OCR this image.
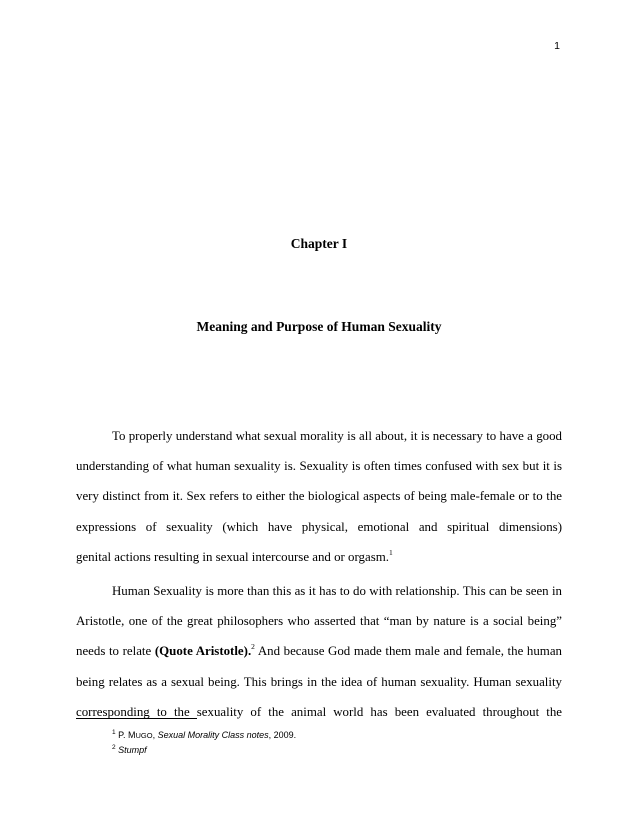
1
Chapter I
Meaning and Purpose of Human Sexuality
To properly understand what sexual morality is all about, it is necessary to have a good
understanding of what human sexuality is. Sexuality is often times confused with sex but it is
very distinct from it. Sex refers to either the biological aspects of being male-female or to the
expressions of sexuality (which have physical, emotional and spiritual dimensions)
genital actions resulting in sexual intercourse and or orgasm.$^1$
Human Sexuality is more than this as it has to do with relationship. This can be seen in
Aristotle, one of the great philosophers who asserted that “man by nature is a social being”
needs to relate (Quote Aristotle).$^2$ And because God made them male and female, the human
being relates as a sexual being. This brings in the idea of human sexuality. Human sexuality
corresponding to the sexuality of the animal world has been evaluated throughout the
$^1$ P. MUGO, Sexual Morality Class notes, 2009.
$^2$ Stumpf
